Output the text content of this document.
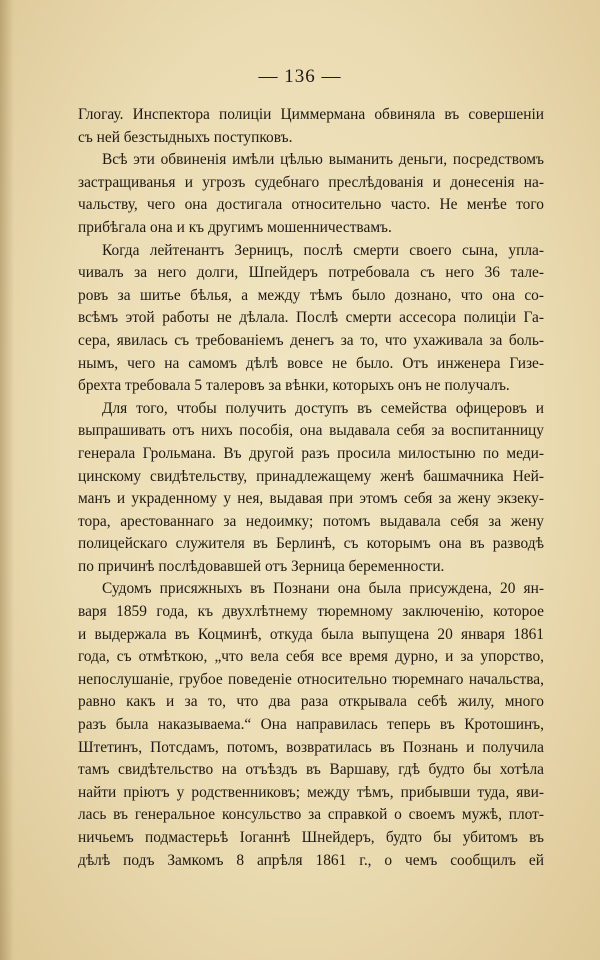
— 136 —
Глогау. Инспектора полиціи Циммермана обвиняла въ совершеніи
съ ней безстыдныхъ поступковъ.
Всѣ эти обвиненія имѣли цѣлью выманить деньги, посредствомъ
застращиванья и угрозъ судебнаго преслѣдованія и донесенія на-
чальству, чего она достигала относительно часто. Не менѣе того
прибѣгала она и къ другимъ мошенничествамъ.
Когда лейтенантъ Зерницъ, послѣ смерти своего сына, упла-
чивалъ за него долги, Шпейдеръ потребовала съ него 36 тале-
ровъ за шитье бѣлья, а между тѣмъ было дознано, что она со-
всѣмъ этой работы не дѣлала. Послѣ смерти ассесора полиціи Га-
сера, явилась съ требованіемъ денегъ за то, что ухаживала за боль-
нымъ, чего на самомъ дѣлѣ вовсе не было. Отъ инженера Гизе-
брехта требовала 5 талеровъ за вѣнки, которыхъ онъ не получалъ.
Для того, чтобы получить доступъ въ семейства офицеровъ и
выпрашивать отъ нихъ пособія, она выдавала себя за воспитанницу
генерала Грольмана. Въ другой разъ просила милостыню по меди-
цинскому свидѣтельству, принадлежащему женѣ башмачника Ней-
манъ и украденному у нея, выдавая при этомъ себя за жену экзеку-
тора, арестованнаго за недоимку; потомъ выдавала себя за жену
полицейскаго служителя въ Берлинѣ, съ которымъ она въ разводѣ
по причинѣ послѣдовавшей отъ Зерницa беременности.
Судомъ присяжныхъ въ Познани она была присуждена, 20 ян-
варя 1859 года, къ двухлѣтнему тюремному заключенію, которое
и выдержала въ Коцминѣ, откуда была выпущена 20 января 1861
года, съ отмѣткою, „что вела себя все время дурно, и за упорство,
непослушаніе, грубое поведеніе относительно тюремнаго начальства,
равно какъ и за то, что два раза открывала себѣ жилу, много
разъ была наказываема.“ Она направилась теперь въ Кротошинъ,
Штетинъ, Потсдамъ, потомъ, возвратилась въ Познань и получила
тамъ свидѣтельство на отъѣздъ въ Варшаву, гдѣ будто бы хотѣла
найти пріютъ у родственниковъ; между тѣмъ, прибывши туда, яви-
лась въ генеральное консульство за справкой о своемъ мужѣ, плот-
ничьемъ подмастерьѣ Іоганнѣ Шнейдеръ, будто бы убитомъ въ
дѣлѣ подъ Замкомъ 8 апрѣля 1861 г., о чемъ сообщилъ ей
